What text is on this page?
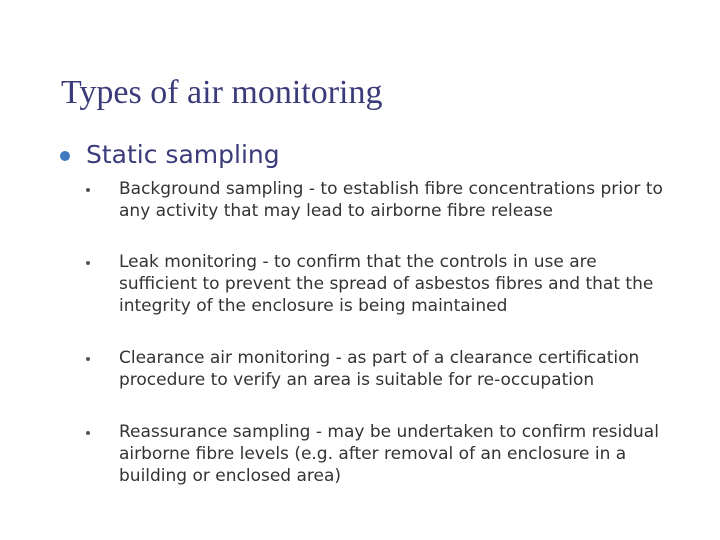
Types of air monitoring
Static sampling
Background sampling - to establish fibre concentrations prior to any activity that may lead to airborne fibre release
Leak monitoring - to confirm that the controls in use are sufficient to prevent the spread of asbestos fibres and that the integrity of the enclosure is being maintained
Clearance air monitoring - as part of a clearance certification procedure to verify an area is suitable for re-occupation
Reassurance sampling - may be undertaken to confirm residual airborne fibre levels (e.g. after removal of an enclosure in a building or enclosed area)
